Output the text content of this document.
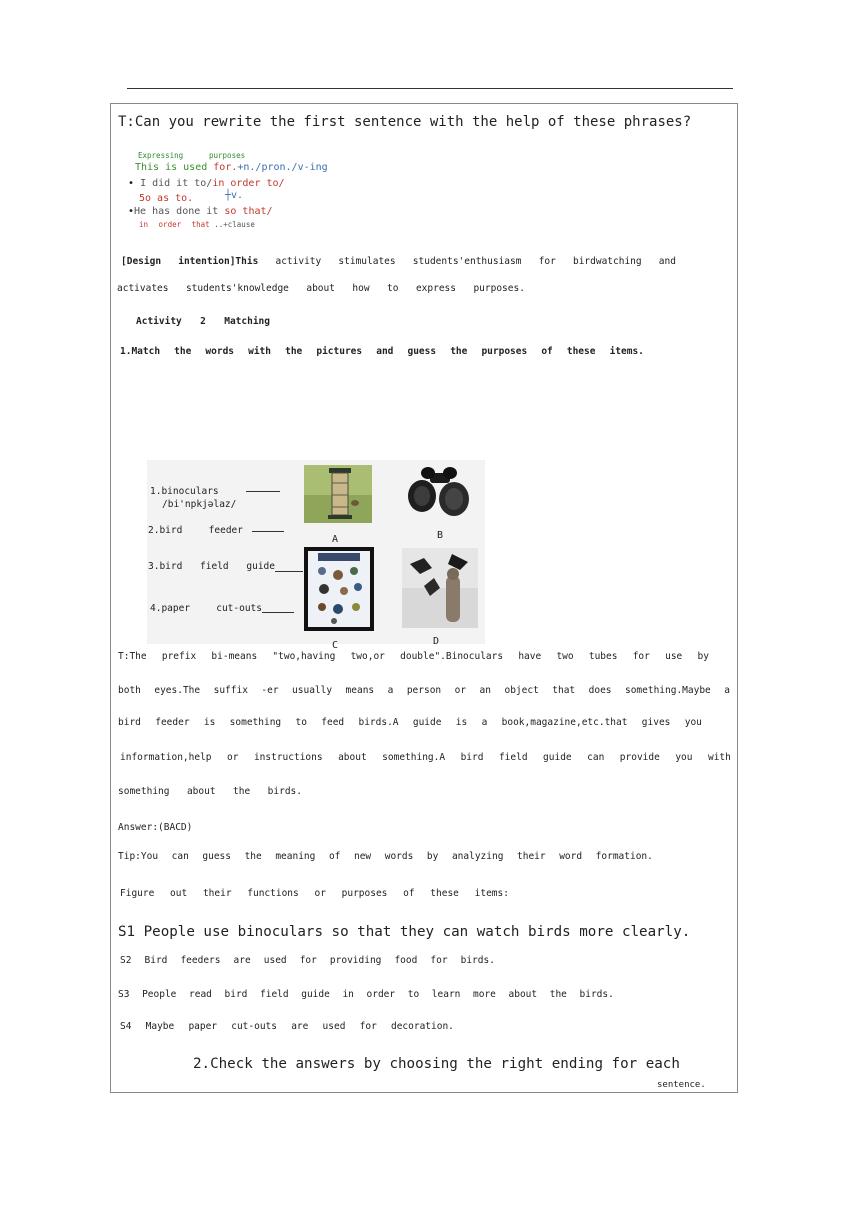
T:Can you rewrite the first sentence with the help of these phrases?
Expressing	purposes
This is used for.+n./pron./v-ing
• I did it to/in order to/
5o as to.	┼v.
•He has done it so that/
in order that ..+clause
[Design intention]This activity stimulates students'enthusiasm for birdwatching and
activates students'knowledge about how to express purposes.
Activity 2 Matching
1.Match the words with the pictures and guess the purposes of these items.
1.binoculars
/bi'npkjəlaz/
2.bird	feeder
3.bird field guide
4.paper	cut-outs
A	B
C	D
T:The prefix bi-means "two,having two,or double".Binoculars have two tubes for use by
both eyes.The suffix -er usually means a person or an object that does something.Maybe a
bird feeder is something to feed birds.A guide is a book,magazine,etc.that gives you
information,help or instructions about something.A bird field guide can provide you with
something about the birds.
Answer:(BACD)
Tip:You can guess the meaning of new words by analyzing their word formation.
Figure out their functions or purposes of these items:
S1 People use binoculars so that they can watch birds more clearly.
S2 Bird feeders are used for providing food for birds.
S3 People read bird field guide in order to learn more about the birds.
S4 Maybe paper cut-outs are used for decoration.
2.Check the answers by choosing the right ending for each
sentence.
